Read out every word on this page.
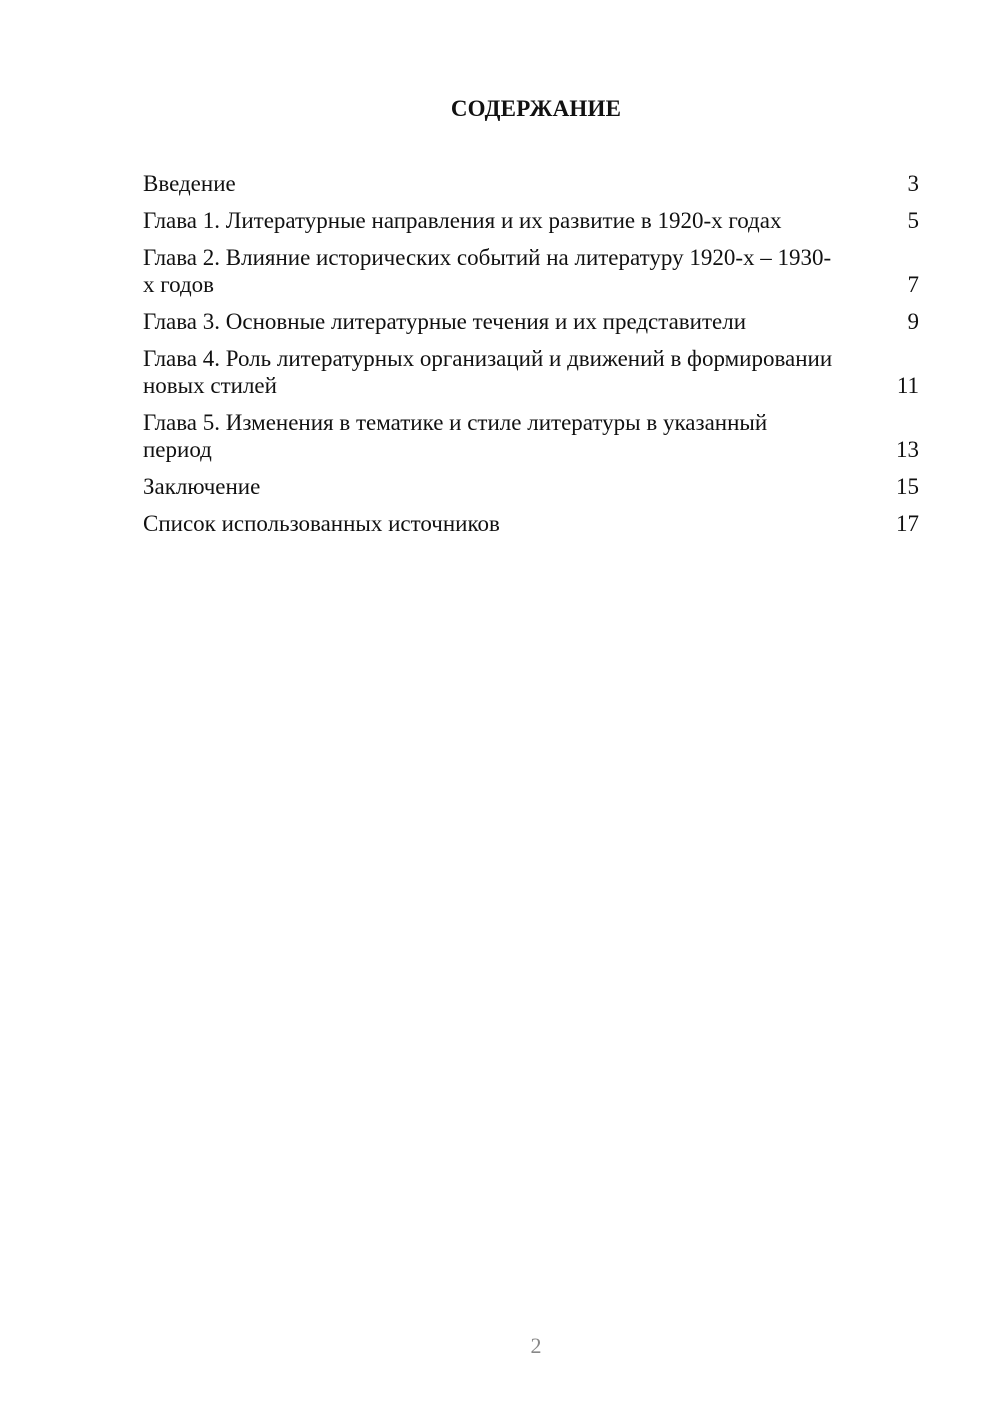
СОДЕРЖАНИЕ
Введение	3
Глава 1. Литературные направления и их развитие в 1920-х годах	5
Глава 2. Влияние исторических событий на литературу 1920-х – 1930-х годов	7
Глава 3. Основные литературные течения и их представители	9
Глава 4. Роль литературных организаций и движений в формировании новых стилей	11
Глава 5. Изменения в тематике и стиле литературы в указанный период	13
Заключение	15
Список использованных источников	17
2
